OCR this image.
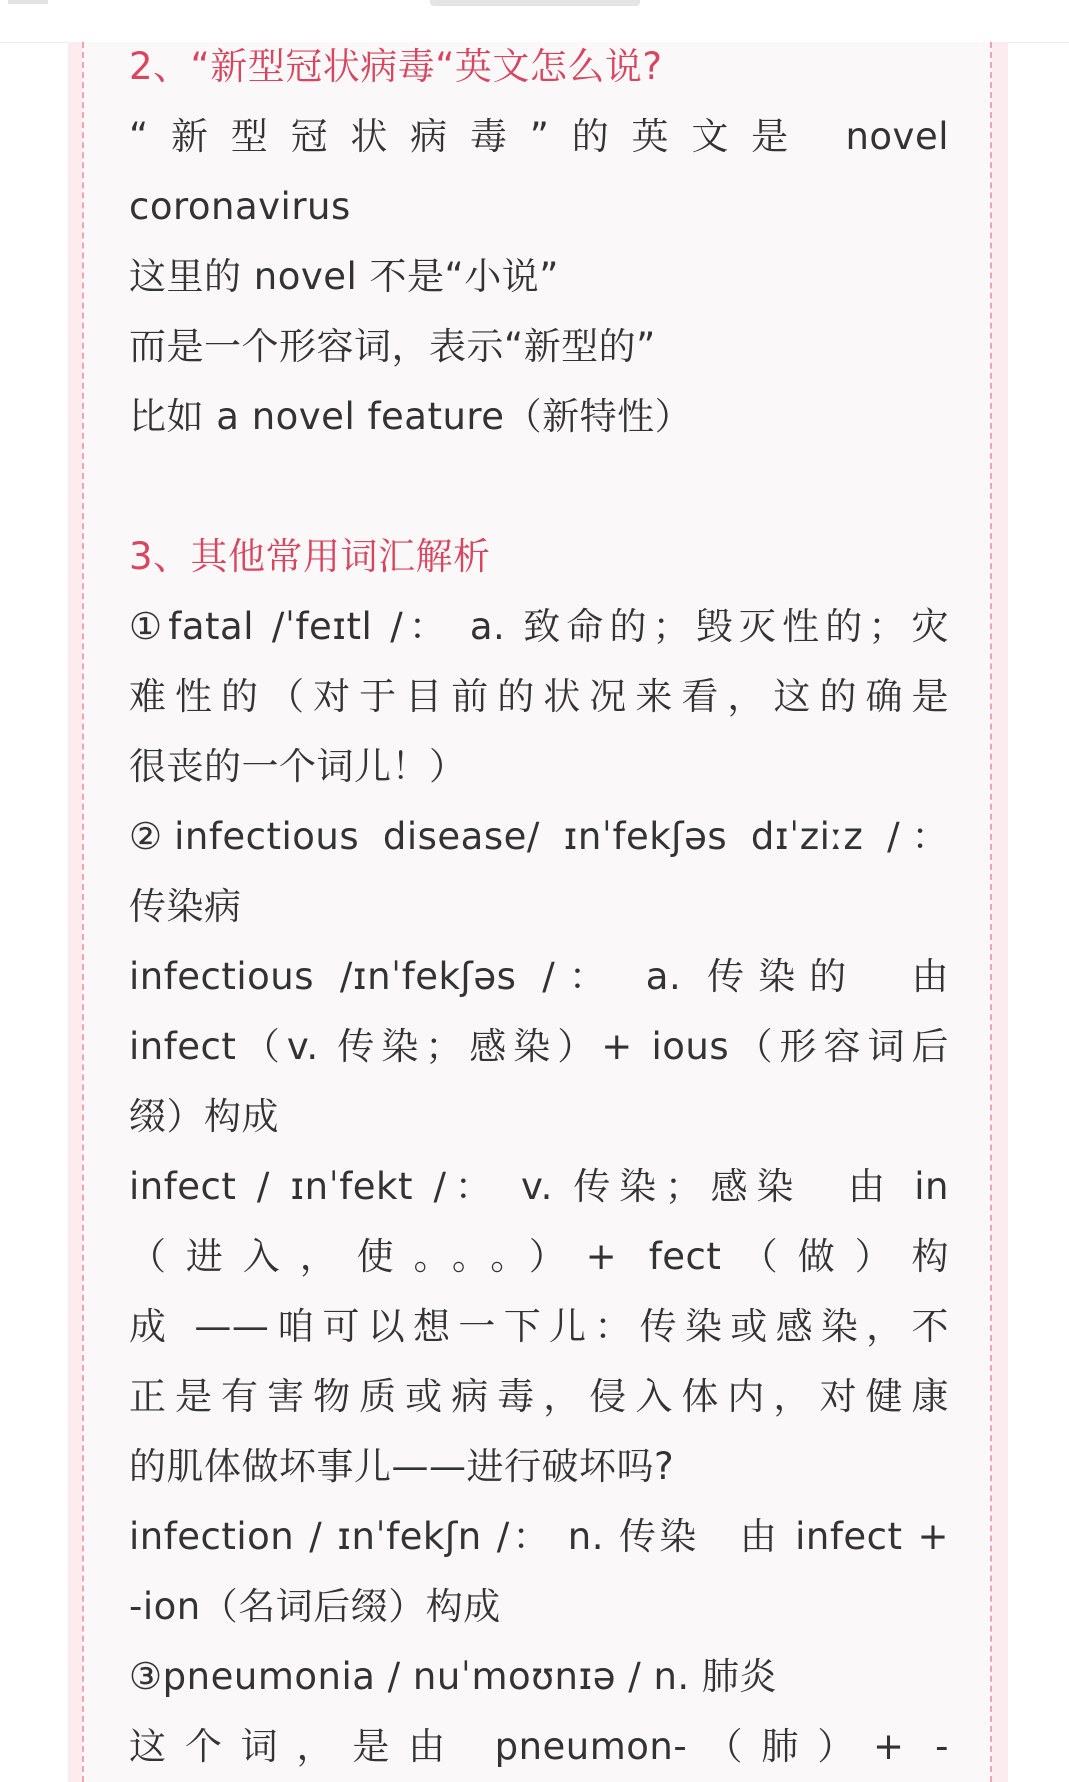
2、“新型冠状病毒“英文怎么说?
“新型冠状病毒”的英文是 novel
coronavirus
这里的 novel 不是“小说”
而是一个形容词，表示“新型的”
比如 a novel feature（新特性）
3、其他常用词汇解析
①fatal /ˈfeɪtl /： a. 致命的；毁灭性的；灾
难性的（对于目前的状况来看，这的确是
很丧的一个词儿！）
②infectious disease/ ɪnˈfekʃəs dɪˈziːz /：
传染病
infectious /ɪnˈfekʃəs /： a. 传染的　由
infect（v. 传染；感染）+ ious（形容词后
缀）构成
infect / ɪnˈfekt /： v. 传染；感染　由 in
（进入，使。。。）+ fect（做）构
成 ——咱可以想一下儿：传染或感染，不
正是有害物质或病毒，侵入体内，对健康
的肌体做坏事儿——进行破坏吗?
infection / ɪnˈfekʃn /： n. 传染　由 infect +
-ion（名词后缀）构成
③pneumonia / nuˈmoʊnɪə / n. 肺炎
这个词，是由 pneumon-（肺）+ -
